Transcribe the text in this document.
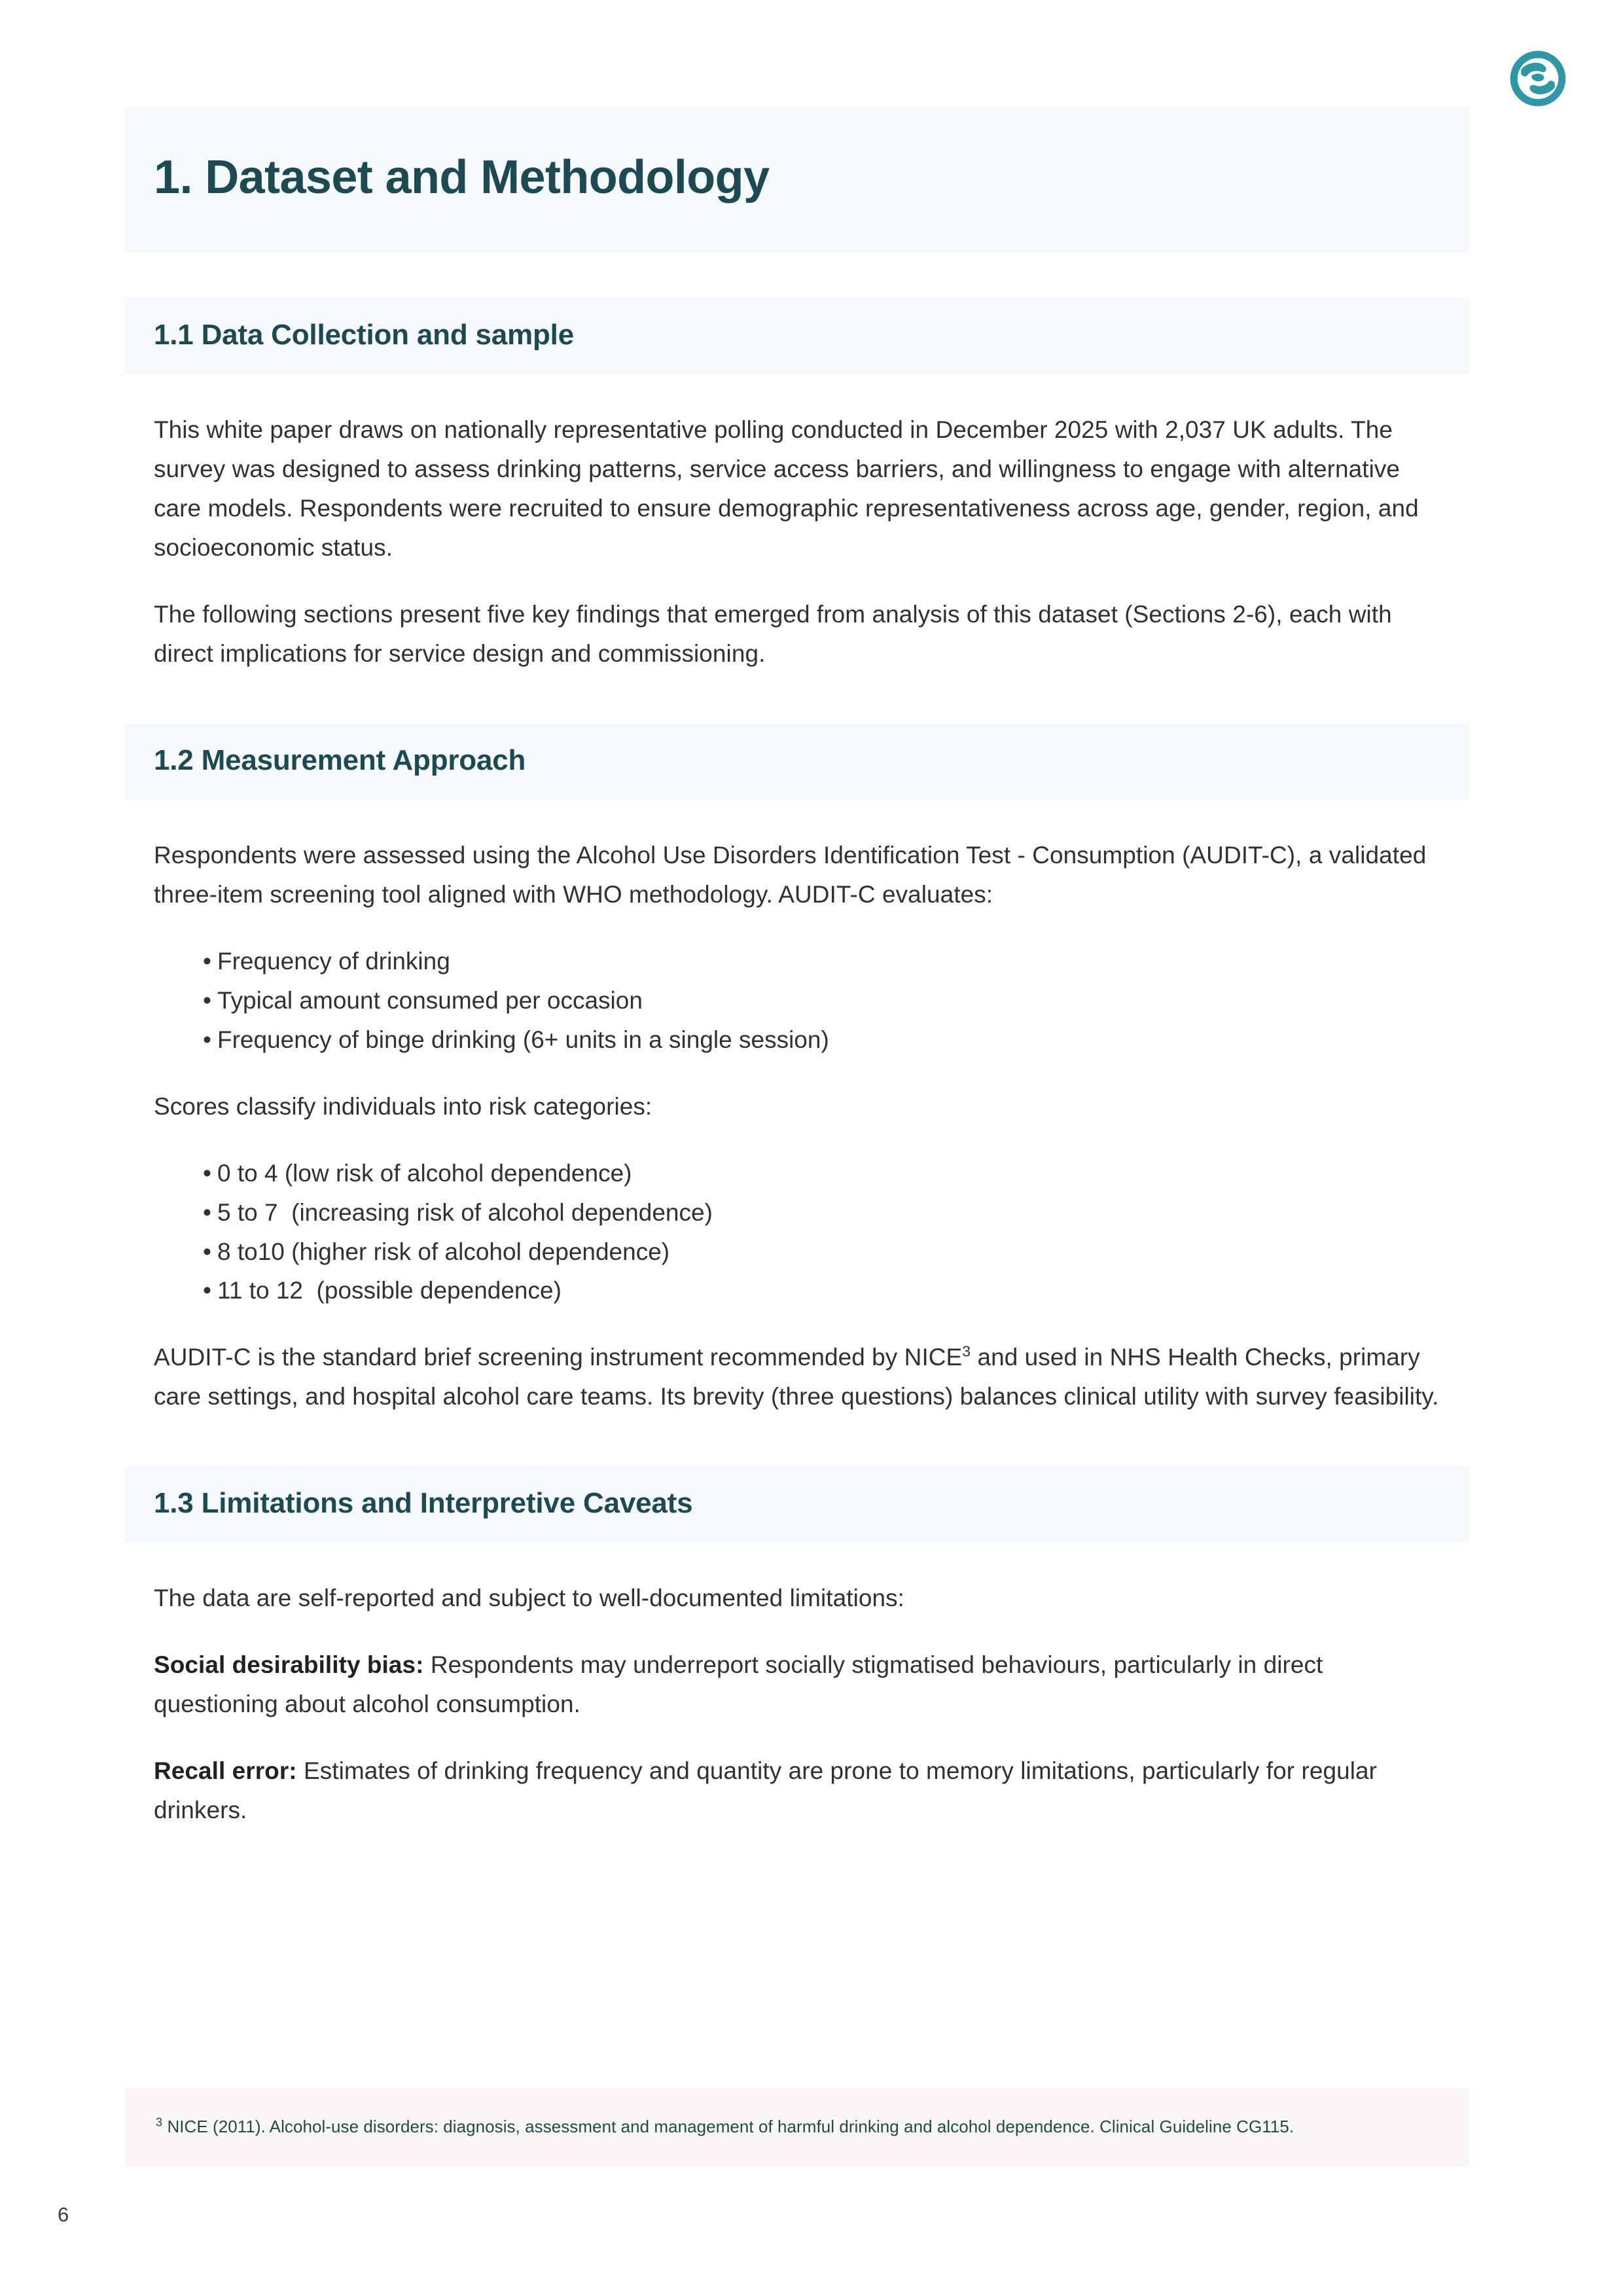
1. Dataset and Methodology
1.1 Data Collection and sample

This white paper draws on nationally representative polling conducted in December 2025 with 2,037 UK adults. The survey was designed to assess drinking patterns, service access barriers, and willingness to engage with alternative care models. Respondents were recruited to ensure demographic representativeness across age, gender, region, and socioeconomic status.

The following sections present five key findings that emerged from analysis of this dataset (Sections 2-6), each with direct implications for service design and commissioning.

1.2 Measurement Approach

Respondents were assessed using the Alcohol Use Disorders Identification Test - Consumption (AUDIT-C), a validated three-item screening tool aligned with WHO methodology. AUDIT-C evaluates:

• Frequency of drinking
• Typical amount consumed per occasion
• Frequency of binge drinking (6+ units in a single session)

Scores classify individuals into risk categories:

• 0 to 4 (low risk of alcohol dependence)
• 5 to 7  (increasing risk of alcohol dependence)
• 8 to10 (higher risk of alcohol dependence)
• 11 to 12  (possible dependence)

AUDIT-C is the standard brief screening instrument recommended by NICE$^3$ and used in NHS Health Checks, primary care settings, and hospital alcohol care teams. Its brevity (three questions) balances clinical utility with survey feasibility.

1.3 Limitations and Interpretive Caveats

The data are self-reported and subject to well-documented limitations:

Social desirability bias: Respondents may underreport socially stigmatised behaviours, particularly in direct questioning about alcohol consumption.

Recall error: Estimates of drinking frequency and quantity are prone to memory limitations, particularly for regular drinkers.

$^3$ NICE (2011). Alcohol-use disorders: diagnosis, assessment and management of harmful drinking and alcohol dependence. Clinical Guideline CG115.

6
